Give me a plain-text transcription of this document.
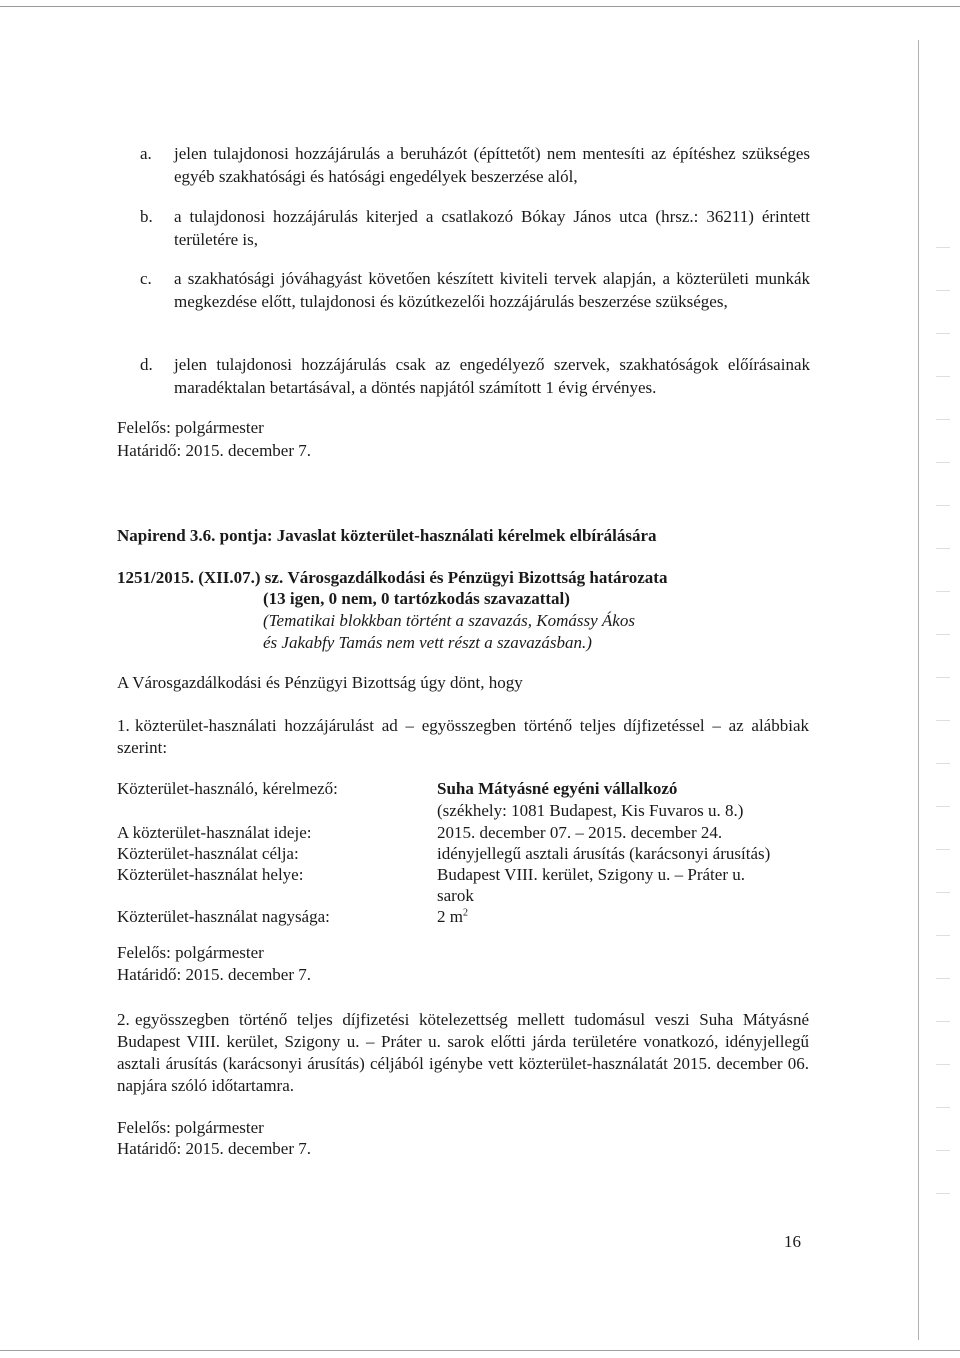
a. jelen tulajdonosi hozzájárulás a beruházót (építtetőt) nem mentesíti az építéshez szükséges egyéb szakhatósági és hatósági engedélyek beszerzése alól,
b. a tulajdonosi hozzájárulás kiterjed a csatlakozó Bókay János utca (hrsz.: 36211) érintett területére is,
c. a szakhatósági jóváhagyást követően készített kiviteli tervek alapján, a közterületi munkák megkezdése előtt, tulajdonosi és közútkezelői hozzájárulás beszerzése szükséges,
d. jelen tulajdonosi hozzájárulás csak az engedélyező szervek, szakhatóságok előírásainak maradéktalan betartásával, a döntés napjától számított 1 évig érvényes.
Felelős: polgármester
Határidő: 2015. december 7.
Napirend 3.6. pontja: Javaslat közterület-használati kérelmek elbírálására
1251/2015. (XII.07.) sz. Városgazdálkodási és Pénzügyi Bizottság határozata
(13 igen, 0 nem, 0 tartózkodás szavazattal)
(Tematikai blokkban történt a szavazás, Komássy Ákos
és Jakabfy Tamás nem vett részt a szavazásban.)
A Városgazdálkodási és Pénzügyi Bizottság úgy dönt, hogy
1. közterület-használati hozzájárulást ad – egyösszegben történő teljes díjfizetéssel – az alábbiak szerint:
Közterület-használó, kérelmező:	Suha Mátyásné egyéni vállalkozó
(székhely: 1081 Budapest, Kis Fuvaros u. 8.)
A közterület-használat ideje:	2015. december 07. – 2015. december 24.
Közterület-használat célja:	idényjellegű asztali árusítás (karácsonyi árusítás)
Közterület-használat helye:	Budapest VIII. kerület, Szigony u. – Práter u.
sarok
Közterület-használat nagysága:	2 $m^2$
Felelős: polgármester
Határidő: 2015. december 7.
2. egyösszegben történő teljes díjfizetési kötelezettség mellett tudomásul veszi Suha Mátyásné Budapest VIII. kerület, Szigony u. – Práter u. sarok előtti járda területére vonatkozó, idényjellegű asztali árusítás (karácsonyi árusítás) céljából igénybe vett közterület-használatát 2015. december 06. napjára szóló időtartamra.
Felelős: polgármester
Határidő: 2015. december 7.
16
